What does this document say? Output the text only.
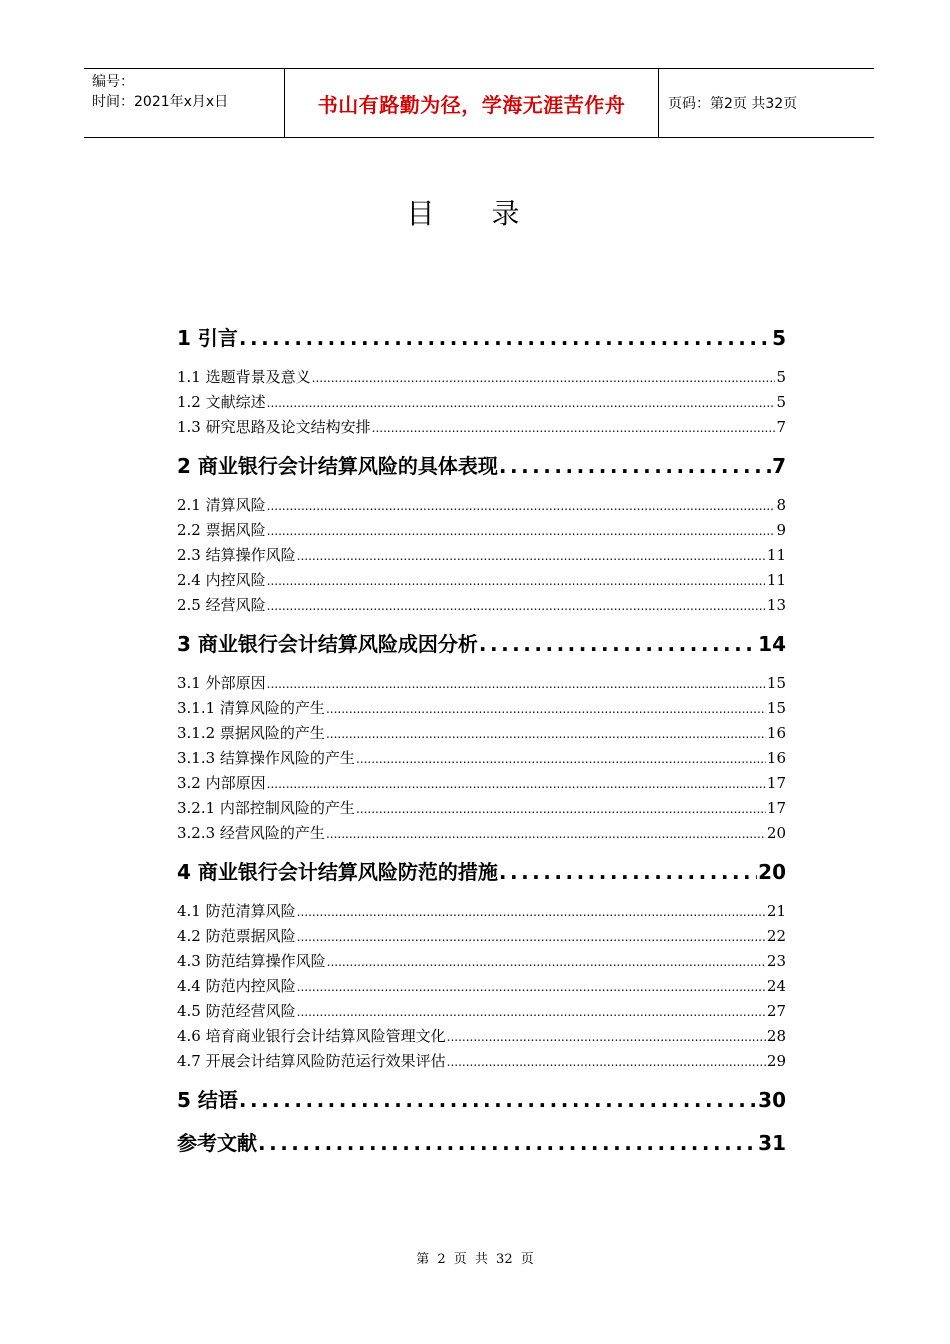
编号：
时间：2021年x月x日	书山有路勤为径，学海无涯苦作舟	页码：第2页 共32页
目 录
1 引言 .....	5
1.1 选题背景及意义 .....	5
1.2 文献综述 .....	5
1.3 研究思路及论文结构安排 .....	7
2 商业银行会计结算风险的具体表现 .....	7
2.1 清算风险 .....	8
2.2 票据风险 .....	9
2.3 结算操作风险 .....	11
2.4 内控风险 .....	11
2.5 经营风险 .....	13
3 商业银行会计结算风险成因分析 .....	14
3.1 外部原因 .....	15
3.1.1 清算风险的产生 .....	15
3.1.2 票据风险的产生 .....	16
3.1.3 结算操作风险的产生 .....	16
3.2 内部原因 .....	17
3.2.1 内部控制风险的产生 .....	17
3.2.3 经营风险的产生 .....	20
4 商业银行会计结算风险防范的措施 .....	20
4.1 防范清算风险 .....	21
4.2 防范票据风险 .....	22
4.3 防范结算操作风险 .....	23
4.4 防范内控风险 .....	24
4.5 防范经营风险 .....	27
4.6 培育商业银行会计结算风险管理文化 .....	28
4.7 开展会计结算风险防范运行效果评估 .....	29
5 结语 .....	30
参考文献 .....	31
第 2 页 共 32 页
